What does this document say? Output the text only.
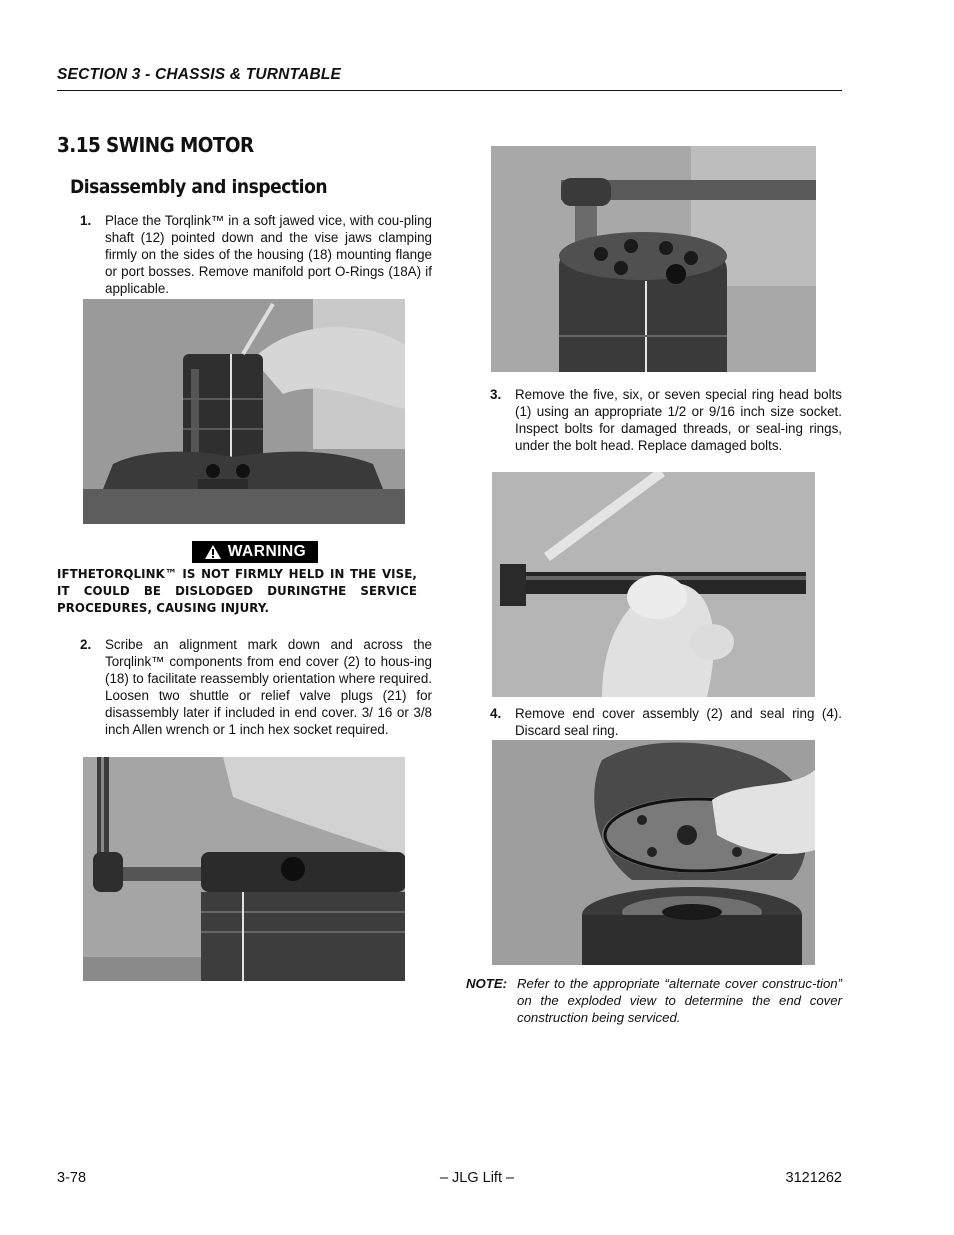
SECTION 3 - CHASSIS & TURNTABLE
3.15 SWING MOTOR
Disassembly and inspection
1. Place the Torqlink™ in a soft jawed vice, with cou-pling shaft (12) pointed down and the vise jaws clamping firmly on the sides of the housing (18) mounting flange or port bosses. Remove manifold port O-Rings (18A) if applicable.
WARNING
IFTHETORQLINK™ IS NOT FIRMLY HELD IN THE VISE, IT COULD BE DISLODGED DURINGTHE SERVICE PROCEDURES, CAUSING INJURY.
2. Scribe an alignment mark down and across the Torqlink™ components from end cover (2) to hous-ing (18) to facilitate reassembly orientation where required. Loosen two shuttle or relief valve plugs (21) for disassembly later if included in end cover. 3/ 16 or 3/8 inch Allen wrench or 1 inch hex socket required.
3. Remove the five, six, or seven special ring head bolts (1) using an appropriate 1/2 or 9/16 inch size socket. Inspect bolts for damaged threads, or seal-ing rings, under the bolt head. Replace damaged bolts.
4. Remove end cover assembly (2) and seal ring (4). Discard seal ring.
NOTE: Refer to the appropriate “alternate cover construc-tion” on the exploded view to determine the end cover construction being serviced.
3-78	– JLG Lift –	3121262
